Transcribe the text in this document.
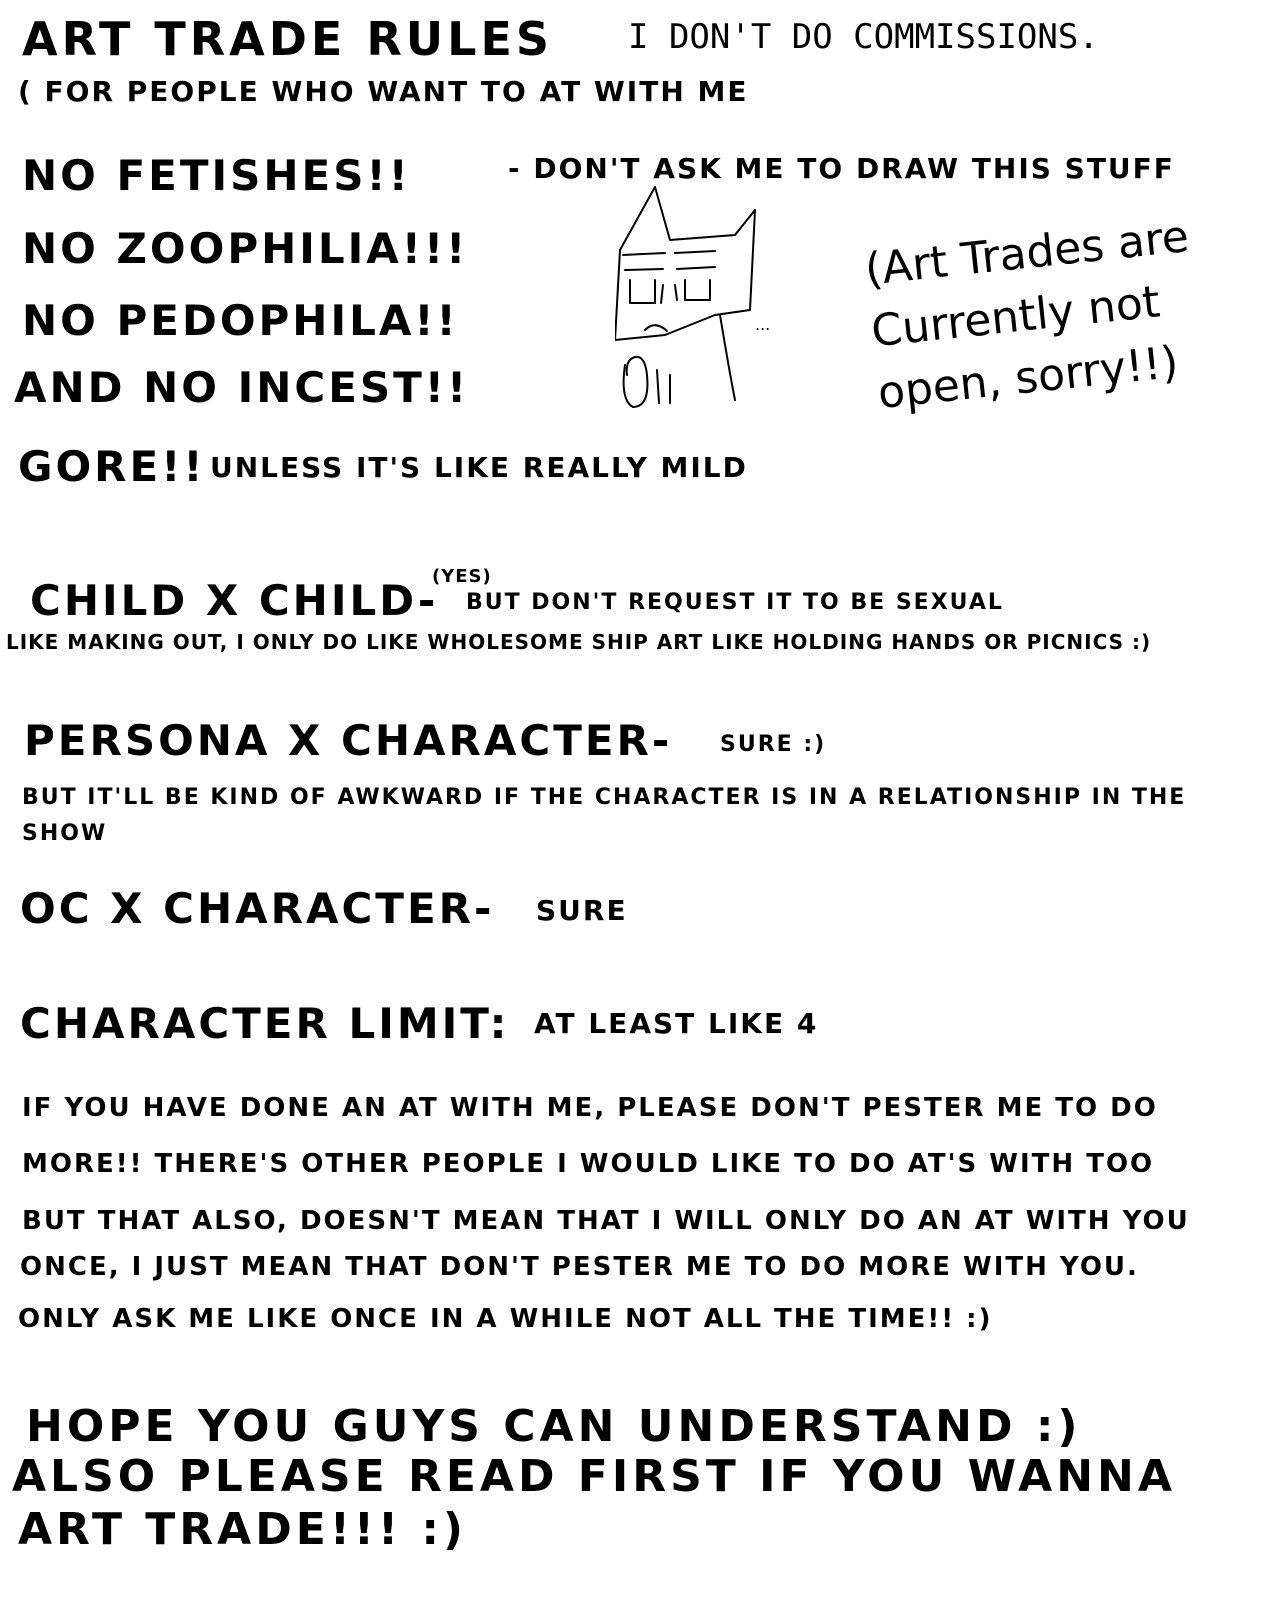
ART TRADE RULES I DON'T DO COMMISSIONS.
( FOR PEOPLE WHO WANT TO AT WITH ME
NO FETISHES!!
NO ZOOPHILIA!!!
NO PEDOPHILA!!
AND NO INCEST!!
- DON'T ASK ME TO DRAW THIS STUFF
GORE!! UNLESS IT'S LIKE REALLY MILD
...
(Art Trades are
Currently not
open, sorry!!)
CHILD X CHILD-
(YES)
BUT DON'T REQUEST IT TO BE SEXUAL
LIKE MAKING OUT, I ONLY DO LIKE WHOLESOME SHIP ART LIKE HOLDING HANDS OR PICNICS :)
PERSONA X CHARACTER- SURE :)
BUT IT'LL BE KIND OF AWKWARD IF THE CHARACTER IS IN A RELATIONSHIP IN THE
SHOW
OC X CHARACTER- SURE
CHARACTER LIMIT: AT LEAST LIKE 4
IF YOU HAVE DONE AN AT WITH ME, PLEASE DON'T PESTER ME TO DO
MORE!! THERE'S OTHER PEOPLE I WOULD LIKE TO DO AT'S WITH TOO
BUT THAT ALSO, DOESN'T MEAN THAT I WILL ONLY DO AN AT WITH YOU
ONCE, I JUST MEAN THAT DON'T PESTER ME TO DO MORE WITH YOU.
ONLY ASK ME LIKE ONCE IN A WHILE NOT ALL THE TIME!! :)
HOPE YOU GUYS CAN UNDERSTAND :)
ALSO PLEASE READ FIRST IF YOU WANNA
ART TRADE!!! :)
